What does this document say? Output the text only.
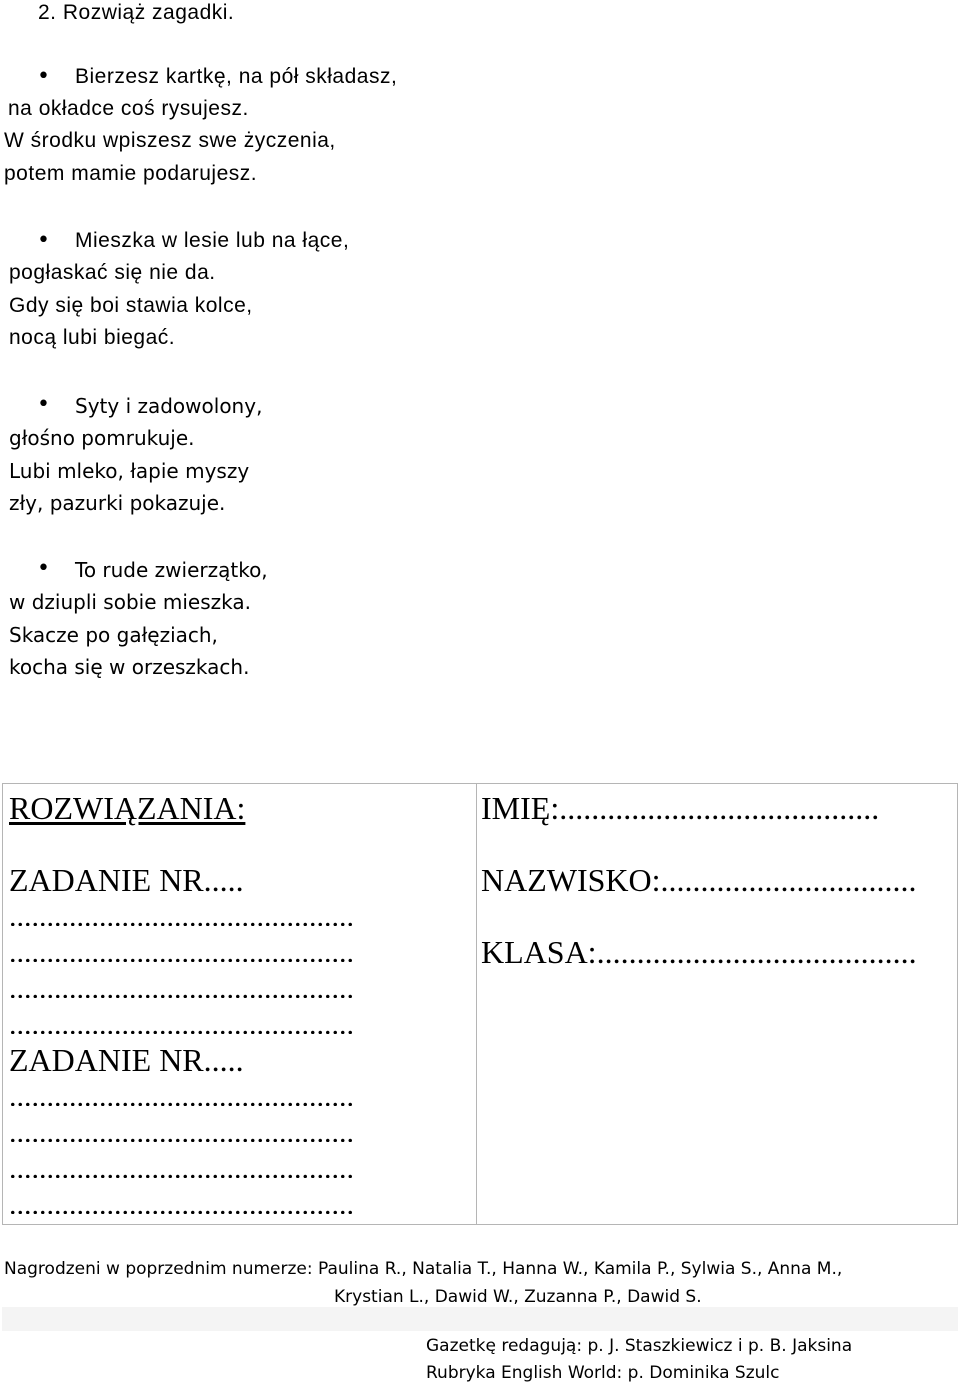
2. Rozwiąż zagadki.
• Bierzesz kartkę, na pół składasz,
na okładce coś rysujesz.
W środku wpiszesz swe życzenia,
potem mamie podarujesz.
• Mieszka w lesie lub na łące,
pogłaskać się nie da.
Gdy się boi stawia kolce,
nocą lubi biegać.
• Syty i zadowolony,
głośno pomrukuje.
Lubi mleko, łapie myszy
zły, pazurki pokazuje.
• To rude zwierzątko,
w dziupli sobie mieszka.
Skacze po gałęziach,
kocha się w orzeszkach.
ROZWIĄZANIA:
ZADANIE NR.....
..............................................
..............................................
..............................................
..............................................
ZADANIE NR.....
..............................................
..............................................
..............................................
..............................................
IMIĘ:........................................
NAZWISKO:................................
KLASA:........................................
Nagrodzeni w poprzednim numerze: Paulina R., Natalia T., Hanna W., Kamila P., Sylwia S., Anna M.,
Krystian L., Dawid W., Zuzanna P., Dawid S.
Gazetkę redagują: p. J. Staszkiewicz i p. B. Jaksina
Rubryka English World: p. Dominika Szulc
